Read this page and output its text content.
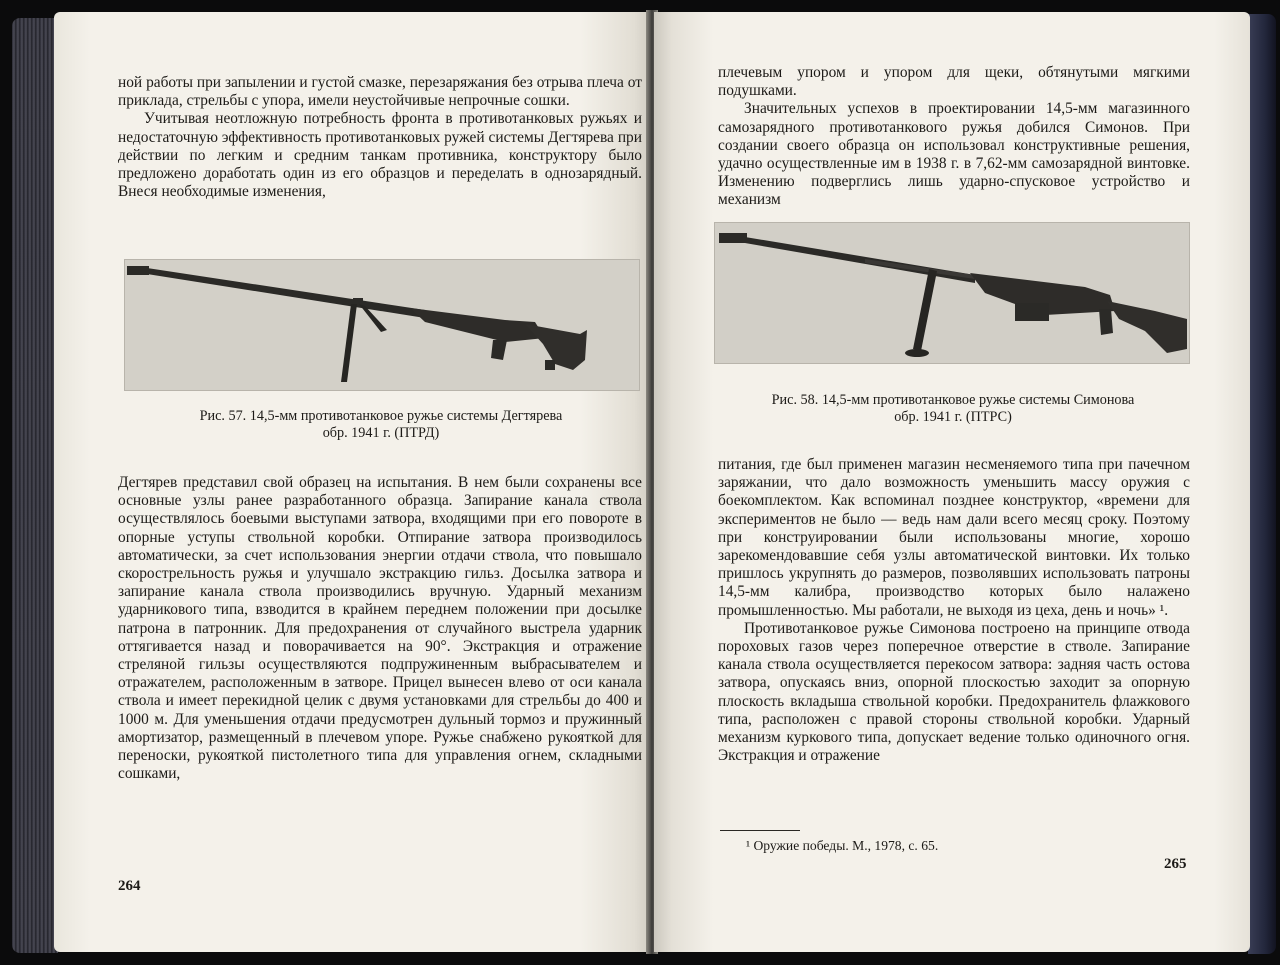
ной работы при запылении и густой смазке, перезаряжания без отрыва плеча от приклада, стрельбы с упора, имели неустойчивые непрочные сошки.

Учитывая неотложную потребность фронта в противотанковых ружьях и недостаточную эффективность противотанковых ружей системы Дегтярева при действии по легким и средним танкам противника, конструктору было предложено доработать один из его образцов и переделать в однозарядный. Внеся необходимые изменения,

Рис. 57. 14,5-мм противотанковое ружье системы Дегтярева
обр. 1941 г. (ПТРД)

Дегтярев представил свой образец на испытания. В нем были сохранены все основные узлы ранее разработанного образца. Запирание канала ствола осуществлялось боевыми выступами затвора, входящими при его повороте в опорные уступы ствольной коробки. Отпирание затвора производилось автоматически, за счет использования энергии отдачи ствола, что повышало скорострельность ружья и улучшало экстракцию гильз. Досылка затвора и запирание канала ствола производились вручную. Ударный механизм ударникового типа, взводится в крайнем переднем положении при досылке патрона в патронник. Для предохранения от случайного выстрела ударник оттягивается назад и поворачивается на 90°. Экстракция и отражение стреляной гильзы осуществляются подпружиненным выбрасывателем и отражателем, расположенным в затворе. Прицел вынесен влево от оси канала ствола и имеет перекидной целик с двумя установками для стрельбы до 400 и 1000 м. Для уменьшения отдачи предусмотрен дульный тормоз и пружинный амортизатор, размещенный в плечевом упоре. Ружье снабжено рукояткой для переноски, рукояткой пистолетного типа для управления огнем, складными сошками,

264

плечевым упором и упором для щеки, обтянутыми мягкими подушками.

Значительных успехов в проектировании 14,5-мм магазинного самозарядного противотанкового ружья добился Симонов. При создании своего образца он использовал конструктивные решения, удачно осуществленные им в 1938 г. в 7,62-мм самозарядной винтовке. Изменению подверглись лишь ударно-спусковое устройство и механизм

Рис. 58. 14,5-мм противотанковое ружье системы Симонова
обр. 1941 г. (ПТРС)

питания, где был применен магазин несменяемого типа при пачечном заряжании, что дало возможность уменьшить массу оружия с боекомплектом. Как вспоминал позднее конструктор, «времени для экспериментов не было — ведь нам дали всего месяц сроку. Поэтому при конструировании были использованы многие, хорошо зарекомендовавшие себя узлы автоматической винтовки. Их только пришлось укрупнять до размеров, позволявших использовать патроны 14,5-мм калибра, производство которых было налажено промышленностью. Мы работали, не выходя из цеха, день и ночь» ¹.

Противотанковое ружье Симонова построено на принципе отвода пороховых газов через поперечное отверстие в стволе. Запирание канала ствола осуществляется перекосом затвора: задняя часть остова затвора, опускаясь вниз, опорной плоскостью заходит за опорную плоскость вкладыша ствольной коробки. Предохранитель флажкового типа, расположен с правой стороны ствольной коробки. Ударный механизм куркового типа, допускает ведение только одиночного огня. Экстракция и отражение

¹ Оружие победы. М., 1978, с. 65.
265
